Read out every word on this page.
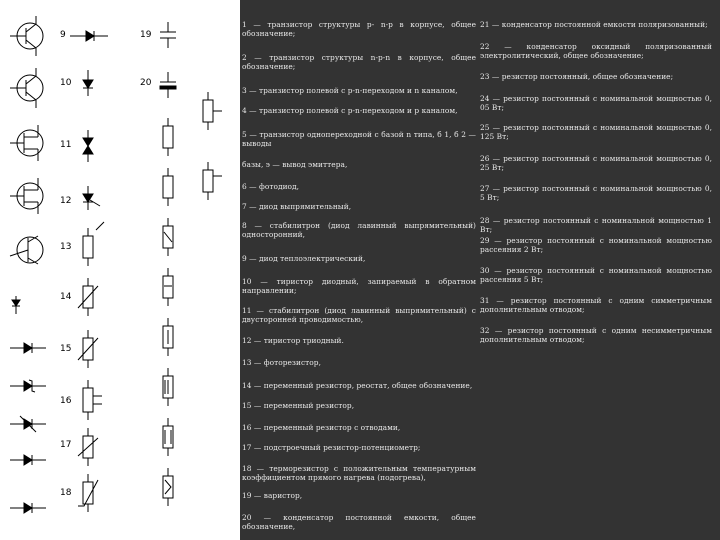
9
10
11
12
13
14
15
16
17
18
19
20
1 — транзистор структуры р- n-р в корпусе, общее обозначение;
2 — транзистор структуры n-р-n в корпусе, общее обозначение;
3 — транзистор полевой с р-n-переходом и n каналом,
4 — транзистор полевой с р-n-переходом и р каналом,
5 — транзистор однопереходной с базой n типа, б 1, б 2 — выводы
базы, э — вывод эмиттера,
6 — фотодиод,
7 — диод выпрямительный,
8 — стабилитрон (диод лавинный выпрямительный) односторонний,
9 — диод теплоэлектрический,
10 — тиристор диодный, запираемый в обратном направлении;
11 — стабилитрон (диод лавинный выпрямительный) с двусторонней проводимостью,
12 — тиристор триодный.
13 — фоторезистор,
14 — переменный резистор, реостат, общее обозначение,
15 — переменный резистор,
16 — переменный резистор с отводами,
17 — подстроечный резистор-потенциометр;
18 — терморезистор с положительным температурным коэффициентом прямого нагрева (подогрева),
19 — варистор,
20 — конденсатор постоянной емкости, общее обозначение,
21 — конденсатор постоянной емкости поляризованный;
22 — конденсатор оксидный поляризованный электролитический, общее обозначение;
23 — резистор постоянный, общее обозначение;
24 — резистор постоянный с номинальной мощностью 0, 05 Вт;
25 — резистор постоянный с номинальной мощностью 0, 125 Вт;
26 — резистор постоянный с номинальной мощностью 0, 25 Вт;
27 — резистор постоянный с номинальной мощностью 0, 5 Вт;
28 — резистор постоянный с номинальной мощностью 1 Вт;
29 — резистор постоянный с номинальной мощностью рассеяния 2 Вт;
30 — резистор постоянный с номинальной мощностью рассеяния 5 Вт;
31 — резистор постоянный с одним симметричным дополнительным отводом;
32 — резистор постоянный с одним несимметричным дополнительным отводом;
